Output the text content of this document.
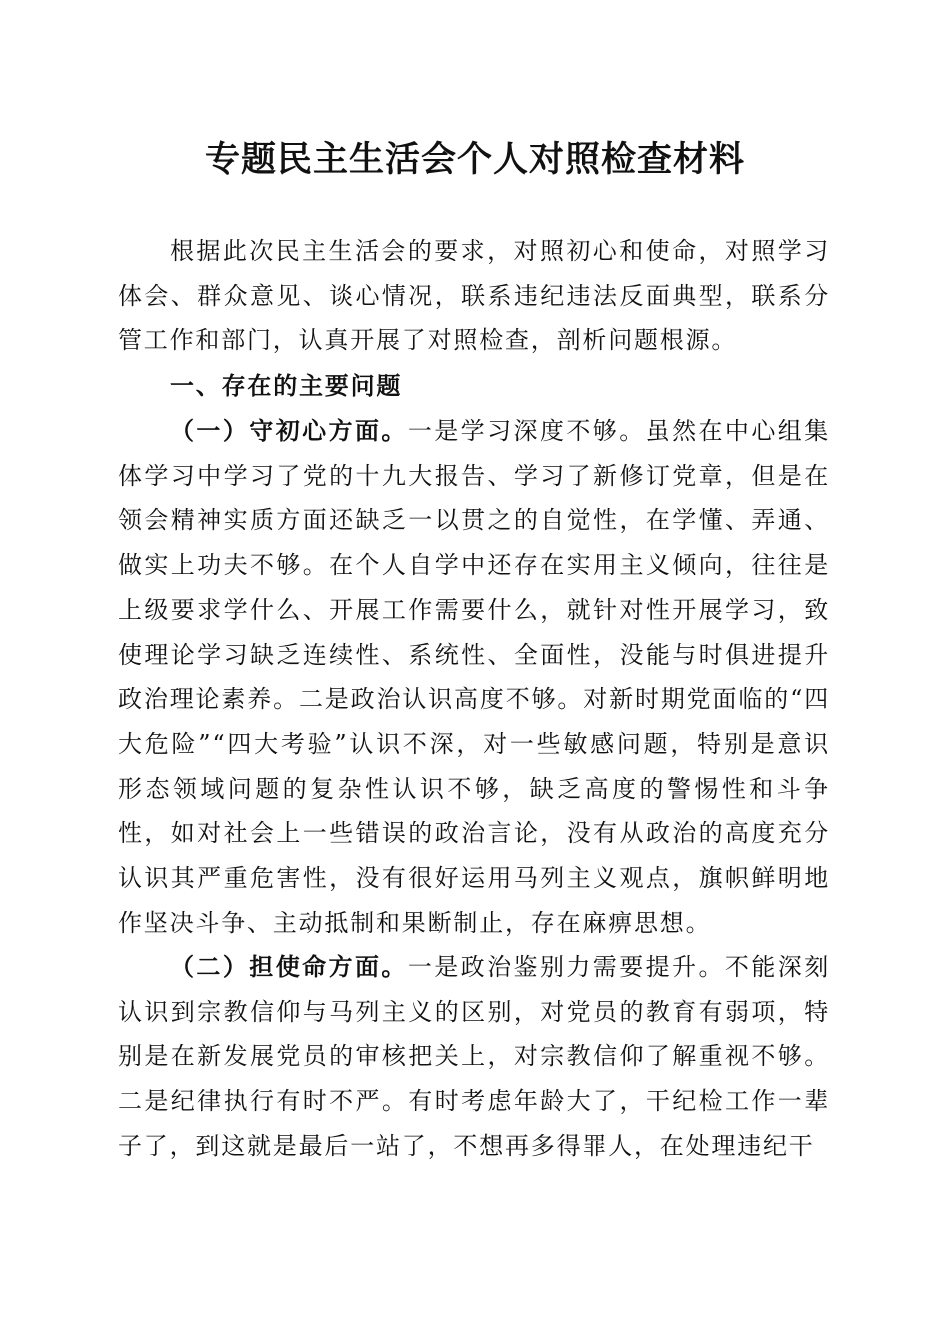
专题民主生活会个人对照检查材料

根据此次民主生活会的要求，对照初心和使命，对照学习体会、群众意见、谈心情况，联系违纪违法反面典型，联系分管工作和部门，认真开展了对照检查，剖析问题根源。

一、存在的主要问题

（一）守初心方面。一是学习深度不够。虽然在中心组集体学习中学习了党的十九大报告、学习了新修订党章，但是在领会精神实质方面还缺乏一以贯之的自觉性，在学懂、弄通、做实上功夫不够。在个人自学中还存在实用主义倾向，往往是上级要求学什么、开展工作需要什么，就针对性开展学习，致使理论学习缺乏连续性、系统性、全面性，没能与时俱进提升政治理论素养。二是政治认识高度不够。对新时期党面临的“四大危险”“四大考验”认识不深，对一些敏感问题，特别是意识形态领域问题的复杂性认识不够，缺乏高度的警惕性和斗争性，如对社会上一些错误的政治言论，没有从政治的高度充分认识其严重危害性，没有很好运用马列主义观点，旗帜鲜明地作坚决斗争、主动抵制和果断制止，存在麻痹思想。

（二）担使命方面。一是政治鉴别力需要提升。不能深刻认识到宗教信仰与马列主义的区别，对党员的教育有弱项，特别是在新发展党员的审核把关上，对宗教信仰了解重视不够。二是纪律执行有时不严。有时考虑年龄大了，干纪检工作一辈子了，到这就是最后一站了，不想再多得罪人，在处理违纪干
